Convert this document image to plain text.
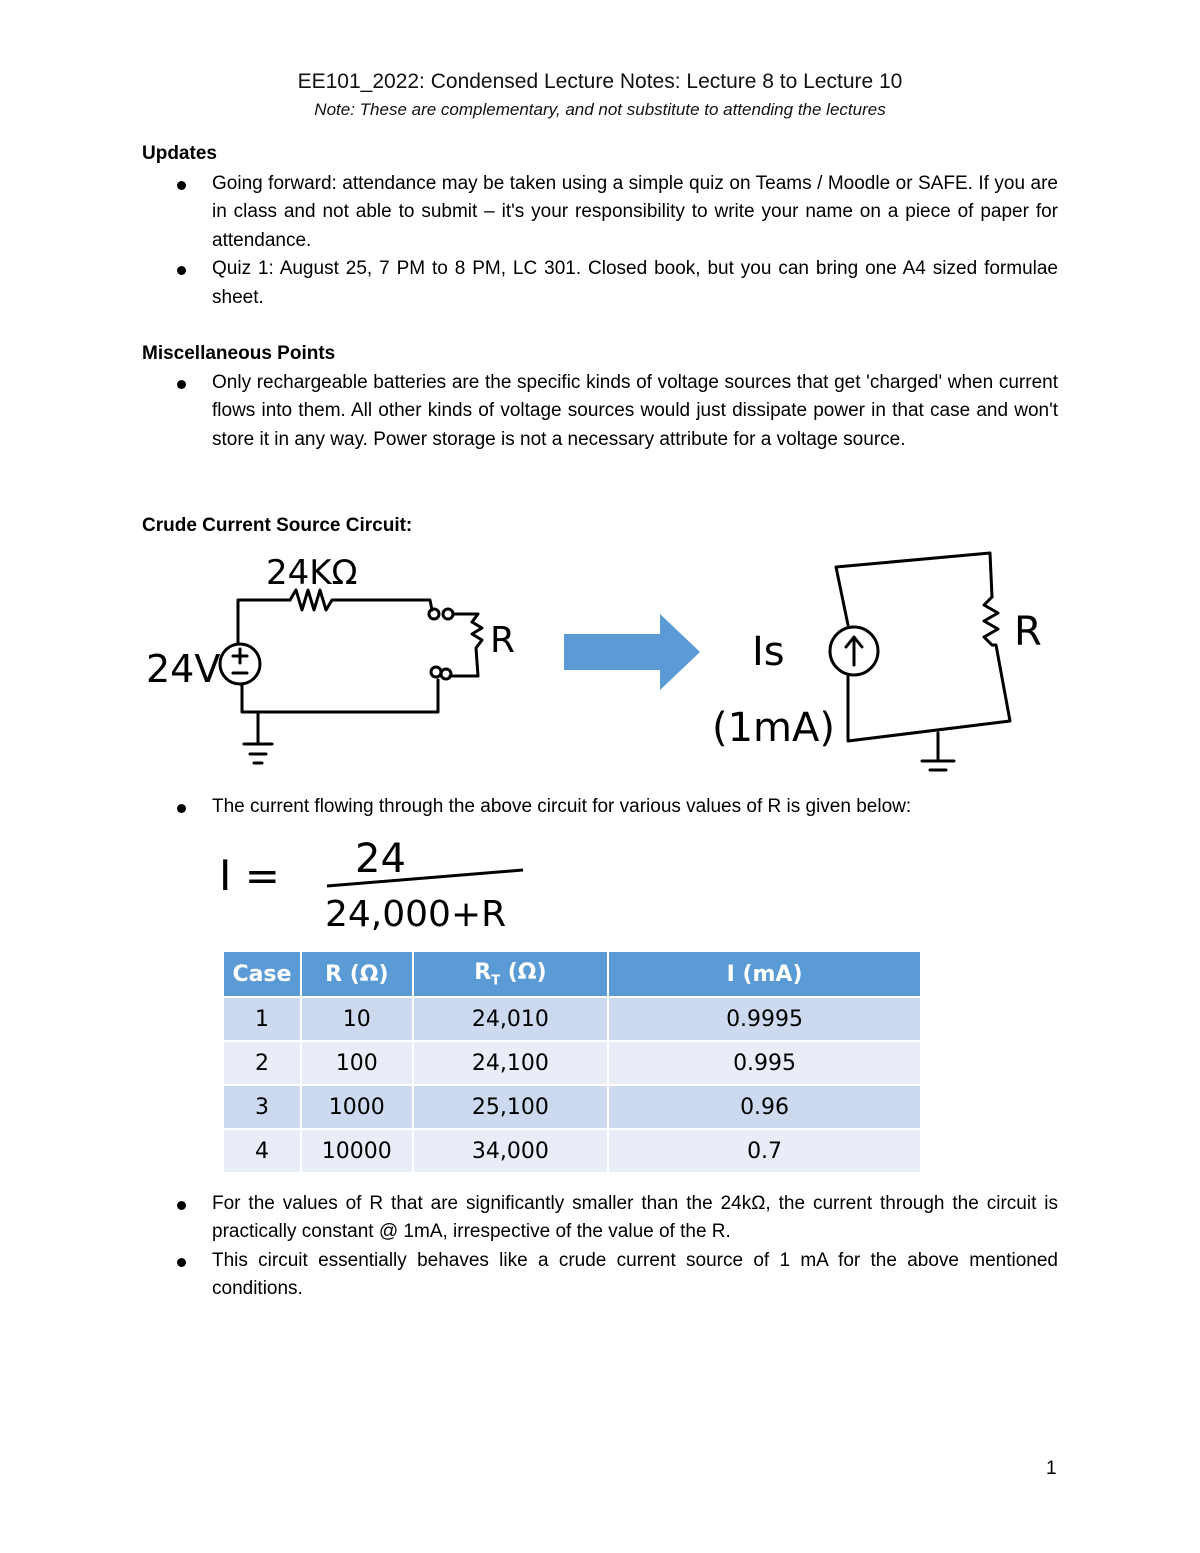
EE101_2022: Condensed Lecture Notes: Lecture 8 to Lecture 10
Note: These are complementary, and not substitute to attending the lectures
Updates
Going forward: attendance may be taken using a simple quiz on Teams / Moodle or SAFE. If you are in class and not able to submit – it's your responsibility to write your name on a piece of paper for attendance.
Quiz 1: August 25, 7 PM to 8 PM, LC 301. Closed book, but you can bring one A4 sized formulae sheet.
Miscellaneous Points
Only rechargeable batteries are the specific kinds of voltage sources that get 'charged' when current flows into them. All other kinds of voltage sources would just dissipate power in that case and won't store it in any way. Power storage is not a necessary attribute for a voltage source.
Crude Current Source Circuit:
24V
24KΩ
R	Is
(1mA)
R
The current flowing through the above circuit for various values of R is given below:
I = 24
24,000+R
Case	R (Ω)	$R_T$ (Ω)	I (mA)
1	10	24,010	0.9995
2	100	24,100	0.995
3	1000	25,100	0.96
4	10000	34,000	0.7
For the values of R that are significantly smaller than the 24kΩ, the current through the circuit is practically constant @ 1mA, irrespective of the value of the R.
This circuit essentially behaves like a crude current source of 1 mA for the above mentioned conditions.
1
